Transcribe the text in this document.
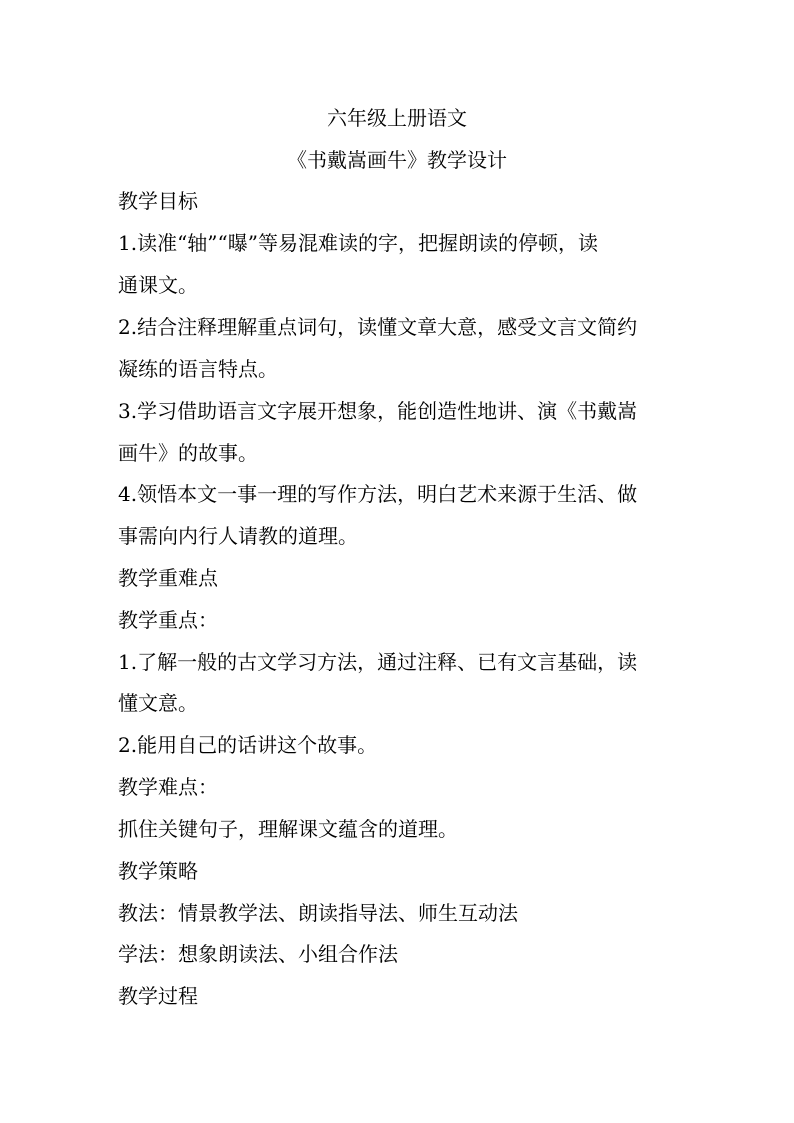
六年级上册语文
《书戴嵩画牛》教学设计
教学目标
1.读准“轴”“曝”等易混难读的字，把握朗读的停顿，读
通课文。
2.结合注释理解重点词句，读懂文章大意，感受文言文简约
凝练的语言特点。
3.学习借助语言文字展开想象，能创造性地讲、演《书戴嵩
画牛》的故事。
4.领悟本文一事一理的写作方法，明白艺术来源于生活、做
事需向内行人请教的道理。
教学重难点
教学重点：
1.了解一般的古文学习方法，通过注释、已有文言基础，读
懂文意。
2.能用自己的话讲这个故事。
教学难点：
抓住关键句子，理解课文蕴含的道理。
教学策略
教法：情景教学法、朗读指导法、师生互动法
学法：想象朗读法、小组合作法
教学过程
